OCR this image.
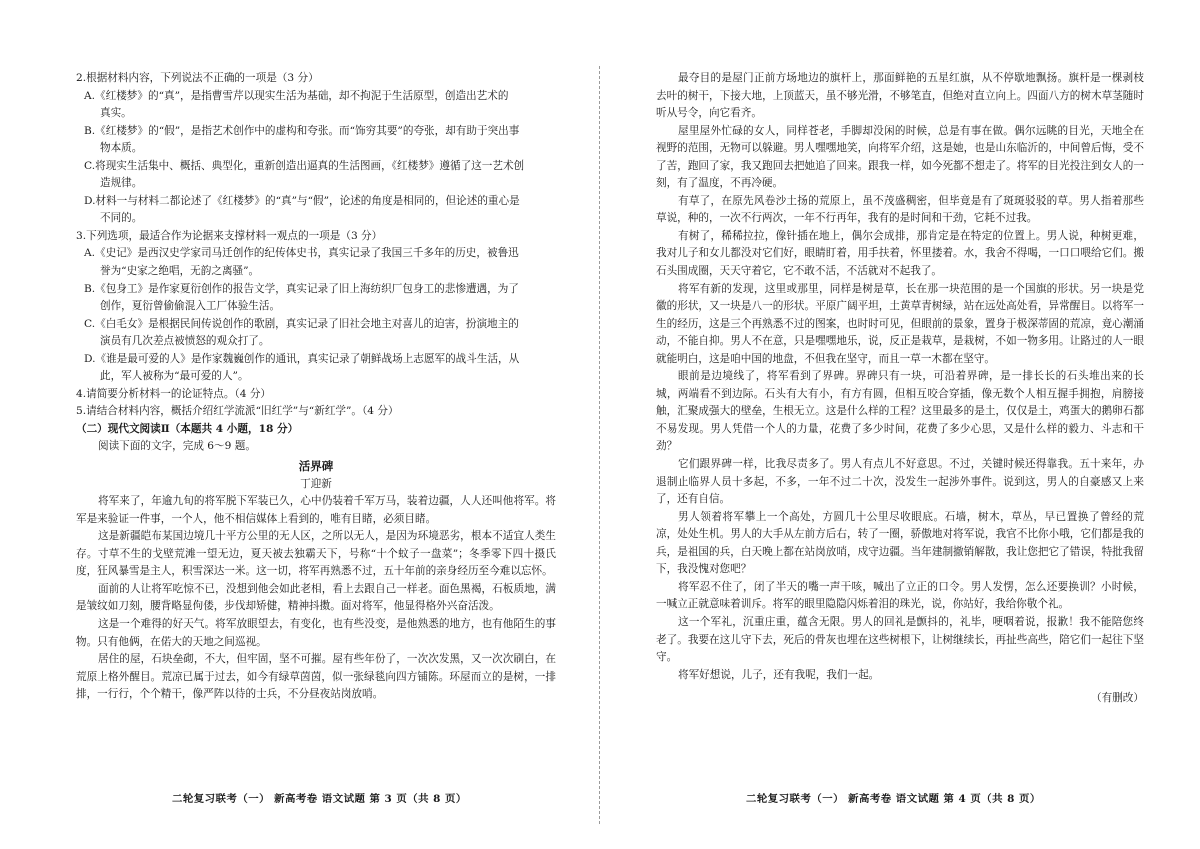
2.根据材料内容，下列说法不正确的一项是（3 分）

A.《红楼梦》的“真”，是指曹雪芹以现实生活为基础，却不拘泥于生活原型，创造出艺术的

真实。

B.《红楼梦》的“假”，是指艺术创作中的虚构和夸张。而“饰穷其要”的夸张，却有助于突出事

物本质。

C.将现实生活集中、概括、典型化，重新创造出逼真的生活图画，《红楼梦》遵循了这一艺术创

造规律。

D.材料一与材料二都论述了《红楼梦》的“真”与“假”，论述的角度是相同的，但论述的重心是

不同的。

3.下列选项，最适合作为论据来支撑材料一观点的一项是（3 分）

A.《史记》是西汉史学家司马迁创作的纪传体史书，真实记录了我国三千多年的历史，被鲁迅

誉为“史家之绝唱，无韵之离骚”。

B.《包身工》是作家夏衍创作的报告文学，真实记录了旧上海纺织厂包身工的悲惨遭遇，为了

创作，夏衍曾偷偷混入工厂体验生活。

C.《白毛女》是根据民间传说创作的歌剧，真实记录了旧社会地主对喜儿的迫害，扮演地主的

演员有几次差点被愤怒的观众打了。

D.《谁是最可爱的人》是作家魏巍创作的通讯，真实记录了朝鲜战场上志愿军的战斗生活，从

此，军人被称为“最可爱的人”。

4.请简要分析材料一的论证特点。（4 分）

5.请结合材料内容，概括介绍红学流派“旧红学”与“新红学”。（4 分）

（二）现代文阅读Ⅱ（本题共 4 小题，18 分）

阅读下面的文字，完成 6～9 题。

活界碑

丁迎新

将军来了，年逾九旬的将军脱下军装已久，心中仍装着千军万马，装着边疆，人人还叫他将军。将军是来验证一件事，一个人，他不相信媒体上看到的，唯有目睹，必须目睹。

这是新疆皑布某国边境几十平方公里的无人区，之所以无人，是因为环境恶劣，根本不适宜人类生存。寸草不生的戈壁荒滩一望无边，夏天被去独霸天下，号称“十个蚊子一盘菜”；冬季零下四十摄氏度，狂风暴雪是主人，积雪深达一米。这一切，将军再熟悉不过，五十年前的亲身经历至今难以忘怀。

面前的人让将军吃惊不已，没想到他会如此老相，看上去跟自己一样老。面色黑褐，石板质地，满是皱纹如刀刻，腰背略显佝偻，步伐却矫健，精神抖擞。面对将军，他显得格外兴奋活泼。

这是一个难得的好天气。将军放眼望去，有变化，也有些没变，是他熟悉的地方，也有他陌生的事物。只有他俩，在偌大的天地之间巡视。

居住的屋，石块垒砌，不大，但牢固，坚不可摧。屋有些年份了，一次次发黑，又一次次刷白，在荒原上格外醒目。荒凉已属于过去，如今有绿草茵茵，似一张绿毯向四方铺陈。环屋而立的是树，一排排，一行行，个个精干，像严阵以待的士兵，不分昼夜站岗放哨。

最夺目的是屋门正前方场地边的旗杆上，那面鲜艳的五星红旗，从不停歇地飘扬。旗杆是一棵剥枝去叶的树干，下接大地，上顶蓝天，虽不够光滑，不够笔直，但绝对直立向上。四面八方的树木草茎随时听从号令，向它看齐。

屋里屋外忙碌的女人，同样苍老，手脚却没闲的时候，总是有事在做。偶尔远眺的目光，天地全在视野的范围，无物可以躲避。男人嘿嘿地笑，向将军介绍，这是她，也是山东临沂的，中间曾后悔，受不了苦，跑回了家，我又跑回去把她追了回来。跟我一样，如今死都不想走了。将军的目光投注到女人的一刻，有了温度，不再冷硬。

有草了，在原先风卷沙土扬的荒原上，虽不茂盛稠密，但毕竟是有了斑斑驳驳的草。男人指着那些草说，种的，一次不行两次，一年不行再年，我有的是时间和干劲，它耗不过我。

有树了，稀稀拉拉，像针插在地上，偶尔会成排，那肯定是在特定的位置上。男人说，种树更难，我对儿子和女儿都没对它们好，眼睛盯着，用手扶着，怀里搂着。水，我舍不得喝，一口口喂给它们。搬石头围成圈，天天守着它，它不敢不活，不活就对不起我了。

将军有新的发现，这里或那里，同样是树是草，长在那一块范围的是一个国旗的形状。另一块是党徽的形状，又一块是八一的形状。平原广阔平坦，土黄草青树绿，站在远处高处看，异常醒目。以将军一生的经历，这是三个再熟悉不过的图案，也时时可见，但眼前的景象，置身于极深蒂固的荒凉，竟心潮涌动，不能自抑。男人不在意，只是嘿嘿地乐，说，反正是栽草，是栽树，不如一物多用。让路过的人一眼就能明白，这是咱中国的地盘，不但我在坚守，而且一草一木都在坚守。

眼前是边境线了，将军看到了界碑。界碑只有一块，可沿着界碑，是一排长长的石头堆出来的长城，两端看不到边际。石头有大有小，有方有圆，但相互咬合穿插，像无数个人相互握手拥抱，肩膀接触，汇聚成强大的壁垒，生根无立。这是什么样的工程？这里最多的是土，仅仅是土，鸡蛋大的鹅卵石都不易发现。男人凭借一个人的力量，花费了多少时间，花费了多少心思，又是什么样的毅力、斗志和干劲？

它们跟界碑一样，比我尽责多了。男人有点儿不好意思。不过，关键时候还得靠我。五十来年，办退制止临界人员十多起，不多，一年不过二十次，没发生一起涉外事件。说到这，男人的自豪感又上来了，还有自信。

男人领着将军攀上一个高处，方圆几十公里尽收眼底。石墙，树木，草丛，早已置换了曾经的荒凉，处处生机。男人的大手从左前方后右，转了一圈，骄傲地对将军说，我官不比你小哦，它们都是我的兵，是祖国的兵，白天晚上都在站岗放哨，戍守边疆。当年建制撤销解散，我让您把它了错误，特批我留下，我没愧对您吧？

将军忍不住了，闭了半天的嘴一声干咳，喊出了立正的口令。男人发愣，怎么还要换训？小时候，一喊立正就意味着训斥。将军的眼里隐隐闪烁着泪的珠光，说，你站好，我给你敬个礼。

这一个军礼，沉重庄重，蕴含无限。男人的回礼是颤抖的，礼毕，哽咽着说，报歉！我不能陪您终老了。我要在这儿守下去，死后的骨灰也埋在这些树根下，让树继续长，再扯些高些，陪它们一起往下坚守。

将军好想说，儿子，还有我呢，我们一起。

（有删改）

二轮复习联考（一） 新高考卷 语文试题 第 3 页（共 8 页）	二轮复习联考（一） 新高考卷 语文试题 第 4 页（共 8 页）
